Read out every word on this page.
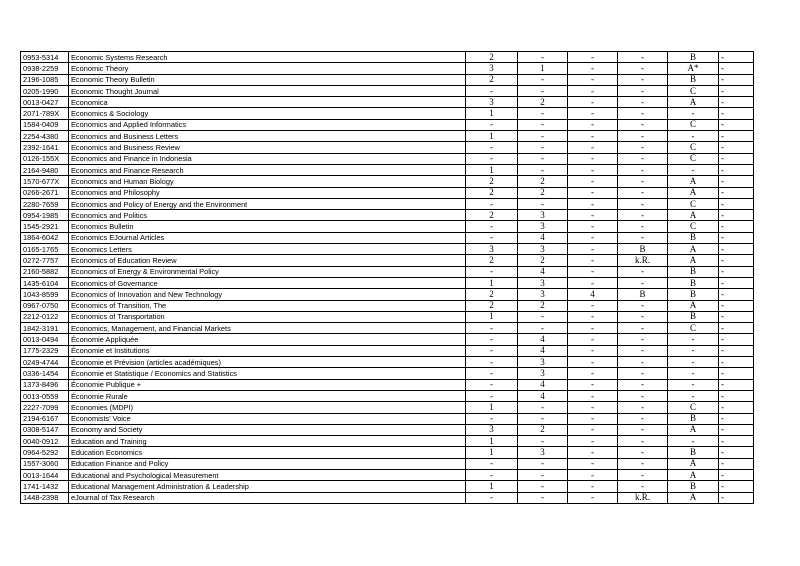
0953-5314	Economic Systems Research	2	-	-	-	B	-
0938-2259	Economic Theory	3	1	-	-	A*	-
2196-1085	Economic Theory Bulletin	2	-	-	-	B	-
0205-1990	Economic Thought Journal	-	-	-	-	C	-
0013-0427	Economica	3	2	-	-	A	-
2071-789X	Economics & Sociology	1	-	-	-	-	-
1584-0409	Economics and Applied Informatics	-	-	-	-	C	-
2254-4380	Economics and Business Letters	1	-	-	-	-	-
2392-1641	Economics and Business Review	-	-	-	-	C	-
0126-155X	Economics and Finance in Indonesia	-	-	-	-	C	-
2164-9480	Economics and Finance Research	1	-	-	-	-	-
1570-677X	Economics and Human Biology	2	2	-	-	A	-
0266-2671	Economics and Philosophy	2	2	-	-	A	-
2280-7659	Economics and Policy of Energy and the Environment	-	-	-	-	C	-
0954-1985	Economics and Politics	2	3	-	-	A	-
1545-2921	Economics Bulletin	-	3	-	-	C	-
1864-6042	Economics EJournal Articles	-	4	-	-	B	-
0165-1765	Economics Letters	3	3	-	B	A	-
0272-7757	Economics of Education Review	2	2	-	k.R.	A	-
2160-5882	Economics of Energy & Environmental Policy	-	4	-	-	B	-
1435-6104	Economics of Governance	1	3	-	-	B	-
1043-8599	Economics of Innovation and New Technology	2	3	4	B	B	-
0967-0750	Economics of Transition, The	2	2	-	-	A	-
2212-0122	Economics of Transportation	1	-	-	-	B	-
1842-3191	Economics, Management, and Financial Markets	-	-	-	-	C	-
0013-0494	Économie Appliquée	-	4	-	-	-	-
1775-2329	Économie et Institutions	-	4	-	-	-	-
0249-4744	Économie et Prévision (articles académiques)	-	3	-	-	-	-
0336-1454	Économie et Statistique / Economics and Statistics	-	3	-	-	-	-
1373-8496	Économie Publique +	-	4	-	-	-	-
0013-0559	Économie Rurale	-	4	-	-	-	-
2227-7099	Economies (MDPI)	1	-	-	-	C	-
2194-6167	Economists' Voice	-	-	-	-	B	-
0308-5147	Economy and Society	3	2	-	-	A	-
0040-0912	Education and Training	1	-	-	-	-	-
0964-5292	Education Economics	1	3	-	-	B	-
1557-3060	Education Finance and Policy	-	-	-	-	A	-
0013-1644	Educational and Psychological Measurement	-	-	-	-	A	-
1741-1432	Educational Management Administration & Leadership	1	-	-	-	B	-
1448-2398	eJournal of Tax Research	-	-	-	k.R.	A	-
